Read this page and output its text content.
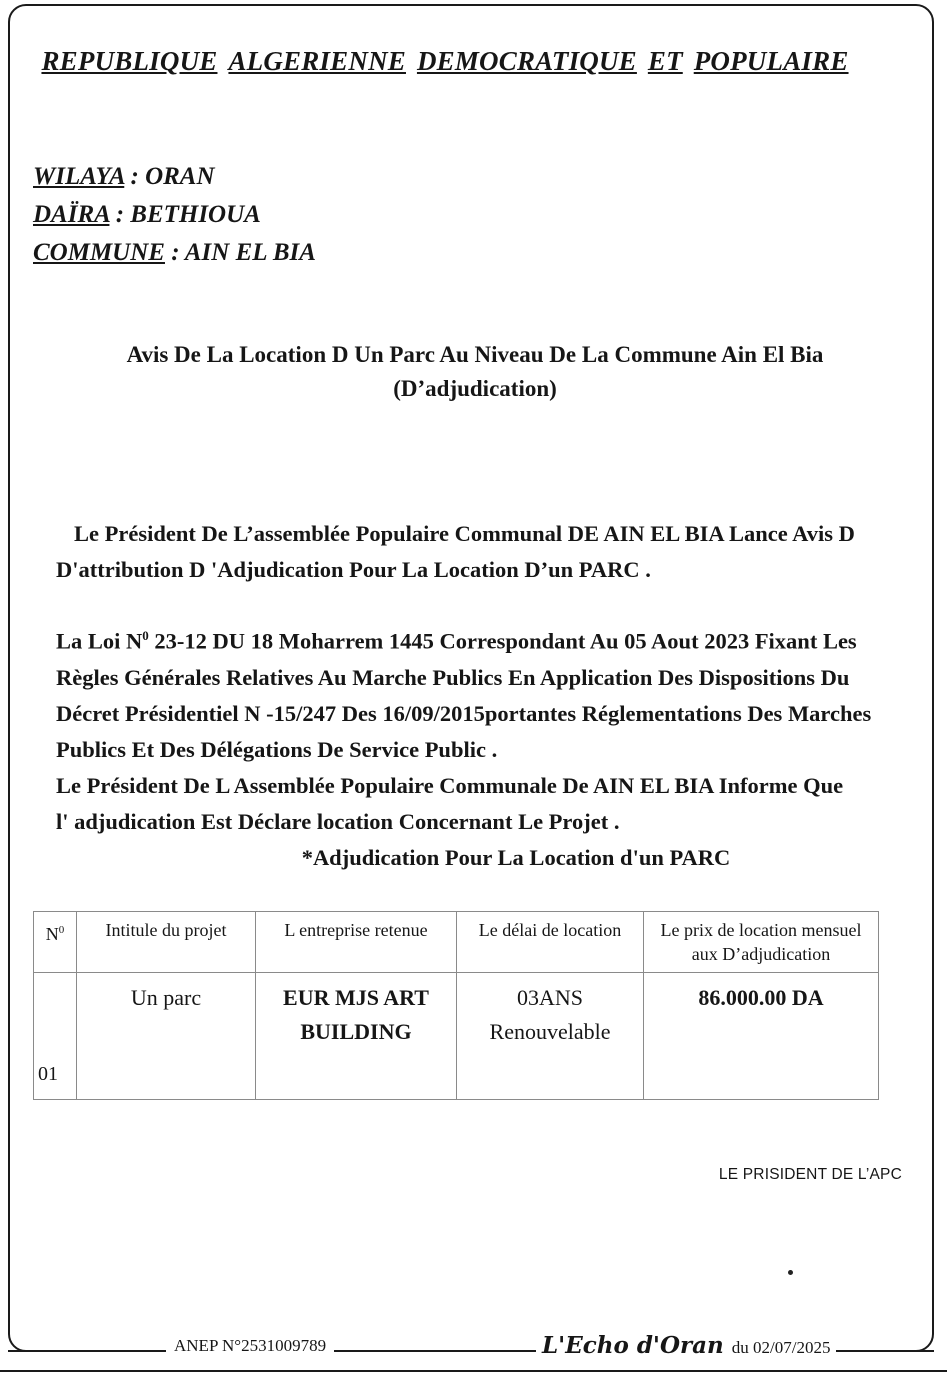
REPUBLIQUE ALGERIENNE DEMOCRATIQUE ET POPULAIRE
WILAYA : ORAN
DAÏRA : BETHIOUA
COMMUNE : AIN EL BIA
Avis De La Location D Un Parc Au Niveau De La Commune Ain El Bia
(D’adjudication)

Le Président De L’assemblée Populaire Communal DE AIN EL BIA Lance Avis D D'attribution D 'Adjudication Pour La Location D’un PARC .

La Loi $N^0$ 23-12 DU 18 Moharrem 1445 Correspondant Au 05 Aout 2023 Fixant Les Règles Générales Relatives Au Marche Publics En Application Des Dispositions Du Décret Présidentiel N -15/247 Des 16/09/2015portantes Réglementations Des Marches Publics Et Des Délégations De Service Public .

Le Président De L Assemblée Populaire Communale De AIN EL BIA Informe Que

l' adjudication Est Déclare location Concernant Le Projet .

*Adjudication Pour La Location d'un PARC

$N^0$	Intitule du projet	L entreprise retenue	Le délai de location	Le prix de location mensuel aux D’adjudication
01	Un parc	EUR MJS ART BUILDING	03ANS Renouvelable	86.000.00 DA
LE PRISIDENT DE L’APC
ANEP N°2531009789	L'Echo d'Oran du 02/07/2025
